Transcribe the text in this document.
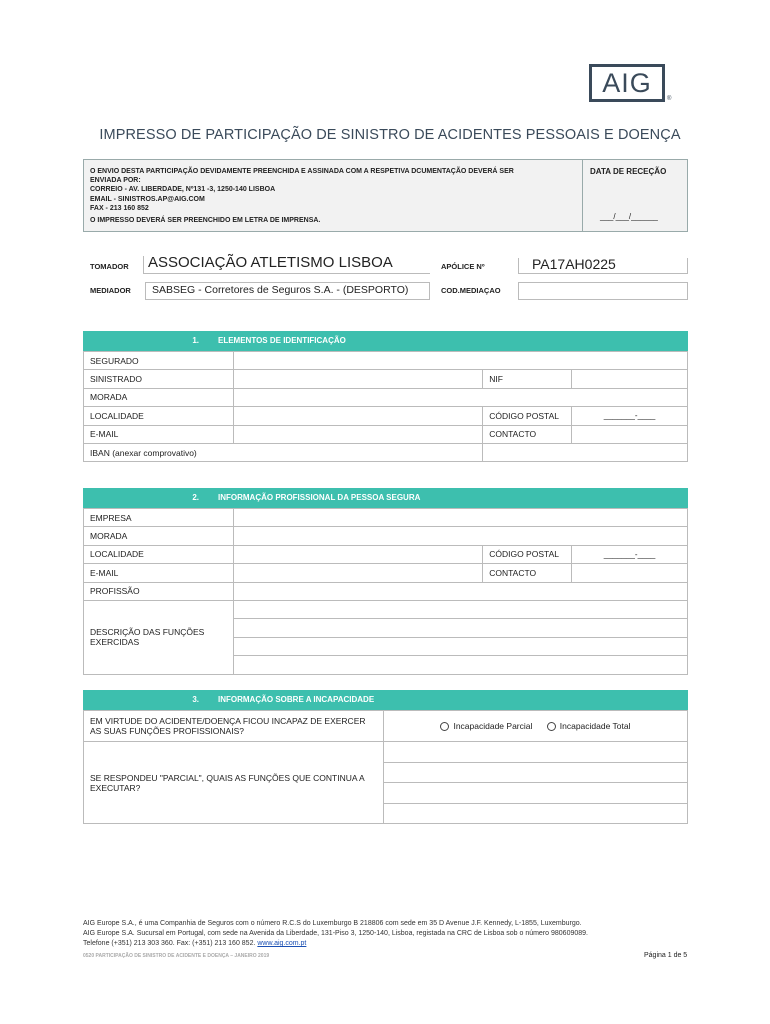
AIG
®
IMPRESSO DE PARTICIPAÇÃO DE SINISTRO DE ACIDENTES PESSOAIS E DOENÇA
O ENVIO DESTA PARTICIPAÇÃO DEVIDAMENTE PREENCHIDA E ASSINADA COM A RESPETIVA DCUMENTAÇÃO DEVERÁ SER
ENVIADA POR:
CORREIO - AV. LIBERDADE, Nº131 -3, 1250-140 LISBOA
EMAIL - SINISTROS.AP@AIG.COM
FAX - 213 160 852
O IMPRESSO DEVERÁ SER PREENCHIDO EM LETRA DE IMPRENSA.
DATA DE RECEÇÃO
___/___/______
TOMADOR ASSOCIAÇÃO ATLETISMO LISBOA	APÓLICE Nº	PA17AH0225
MEDIADOR SABSEG - Corretores de Seguros S.A. - (DESPORTO)	COD.MEDIAÇAO
1. ELEMENTOS DE IDENTIFICAÇÃO
SEGURADO			
SINISTRADO		NIF	
MORADA			
LOCALIDADE		CÓDIGO POSTAL	_______-____
E-MAIL		CONTACTO	
IBAN (anexar comprovativo)			
2. INFORMAÇÃO PROFISSIONAL DA PESSOA SEGURA
EMPRESA			
MORADA			
LOCALIDADE		CÓDIGO POSTAL	_______-____
E-MAIL		CONTACTO	
PROFISSÃO			
DESCRIÇÃO DAS FUNÇÕES EXERCIDAS			

3. INFORMAÇÃO SOBRE A INCAPACIDADE
EM VIRTUDE DO ACIDENTE/DOENÇA FICOU INCAPAZ DE EXERCER
AS SUAS FUNÇÕES PROFISSIONAIS?	Incapacidade Parcial Incapacidade Total

SE RESPONDEU "PARCIAL", QUAIS AS FUNÇÕES QUE CONTINUA A
EXECUTAR?	

AIG Europe S.A., é uma Companhia de Seguros com o número R.C.S do Luxemburgo B 218806 com sede em 35 D Avenue J.F. Kennedy, L-1855, Luxemburgo.
AIG Europe S.A. Sucursal em Portugal, com sede na Avenida da Liberdade, 131-Piso 3, 1250-140, Lisboa, registada na CRC de Lisboa sob o número 980609089.
Telefone (+351) 213 303 360. Fax: (+351) 213 160 852. www.aig.com.pt
0520 PARTICIPAÇÃO DE SINISTRO DE ACIDENTE E DOENÇA – JANEIRO 2019	Página 1 de 5
